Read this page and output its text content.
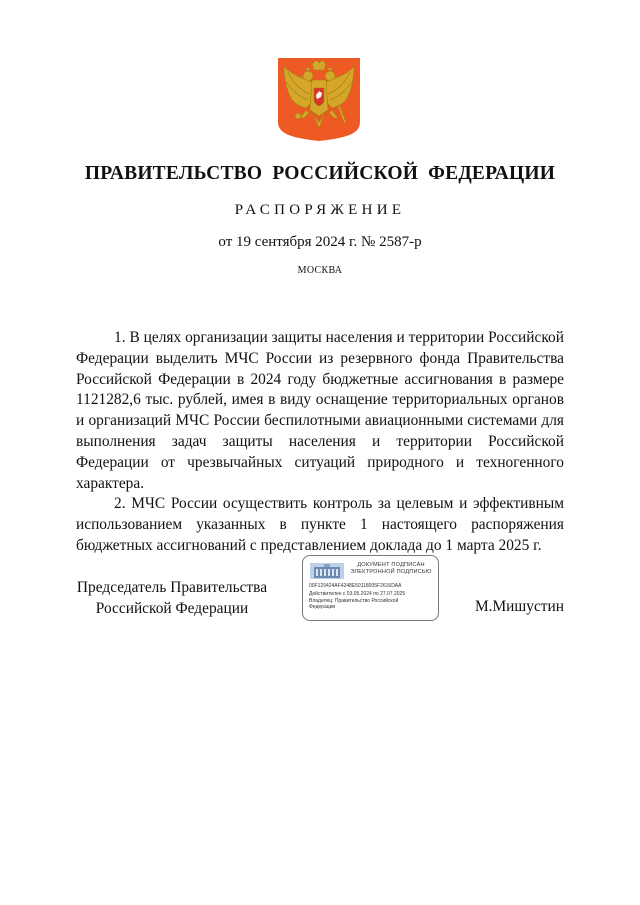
ПРАВИТЕЛЬСТВО РОССИЙСКОЙ ФЕДЕРАЦИИ
РАСПОРЯЖЕНИЕ
от 19 сентября 2024 г. № 2587-р
МОСКВА

1. В целях организации защиты населения и территории Российской Федерации выделить МЧС России из резервного фонда Правительства Российской Федерации в 2024 году бюджетные ассигнования в размере 1121282,6 тыс. рублей, имея в виду оснащение территориальных органов и организаций МЧС России беспилотными авиационными системами для выполнения задач защиты населения и территории Российской Федерации от чрезвычайных ситуаций природного и техногенного характера.

2. МЧС России осуществить контроль за целевым и эффективным использованием указанных в пункте 1 настоящего распоряжения бюджетных ассигнований с представлением доклада до 1 марта 2025 г.

Председатель Правительства
Российской Федерации
ДОКУМЕНТ ПОДПИСАН
ЭЛЕКТРОННОЙ ПОДПИСЬЮ
00F129424AF4248E50118005F2616DAA
Действителен с 03.05.2024 по 27.07.2025
Владелец: Правительство Российской
Федерации	М.Мишустин
